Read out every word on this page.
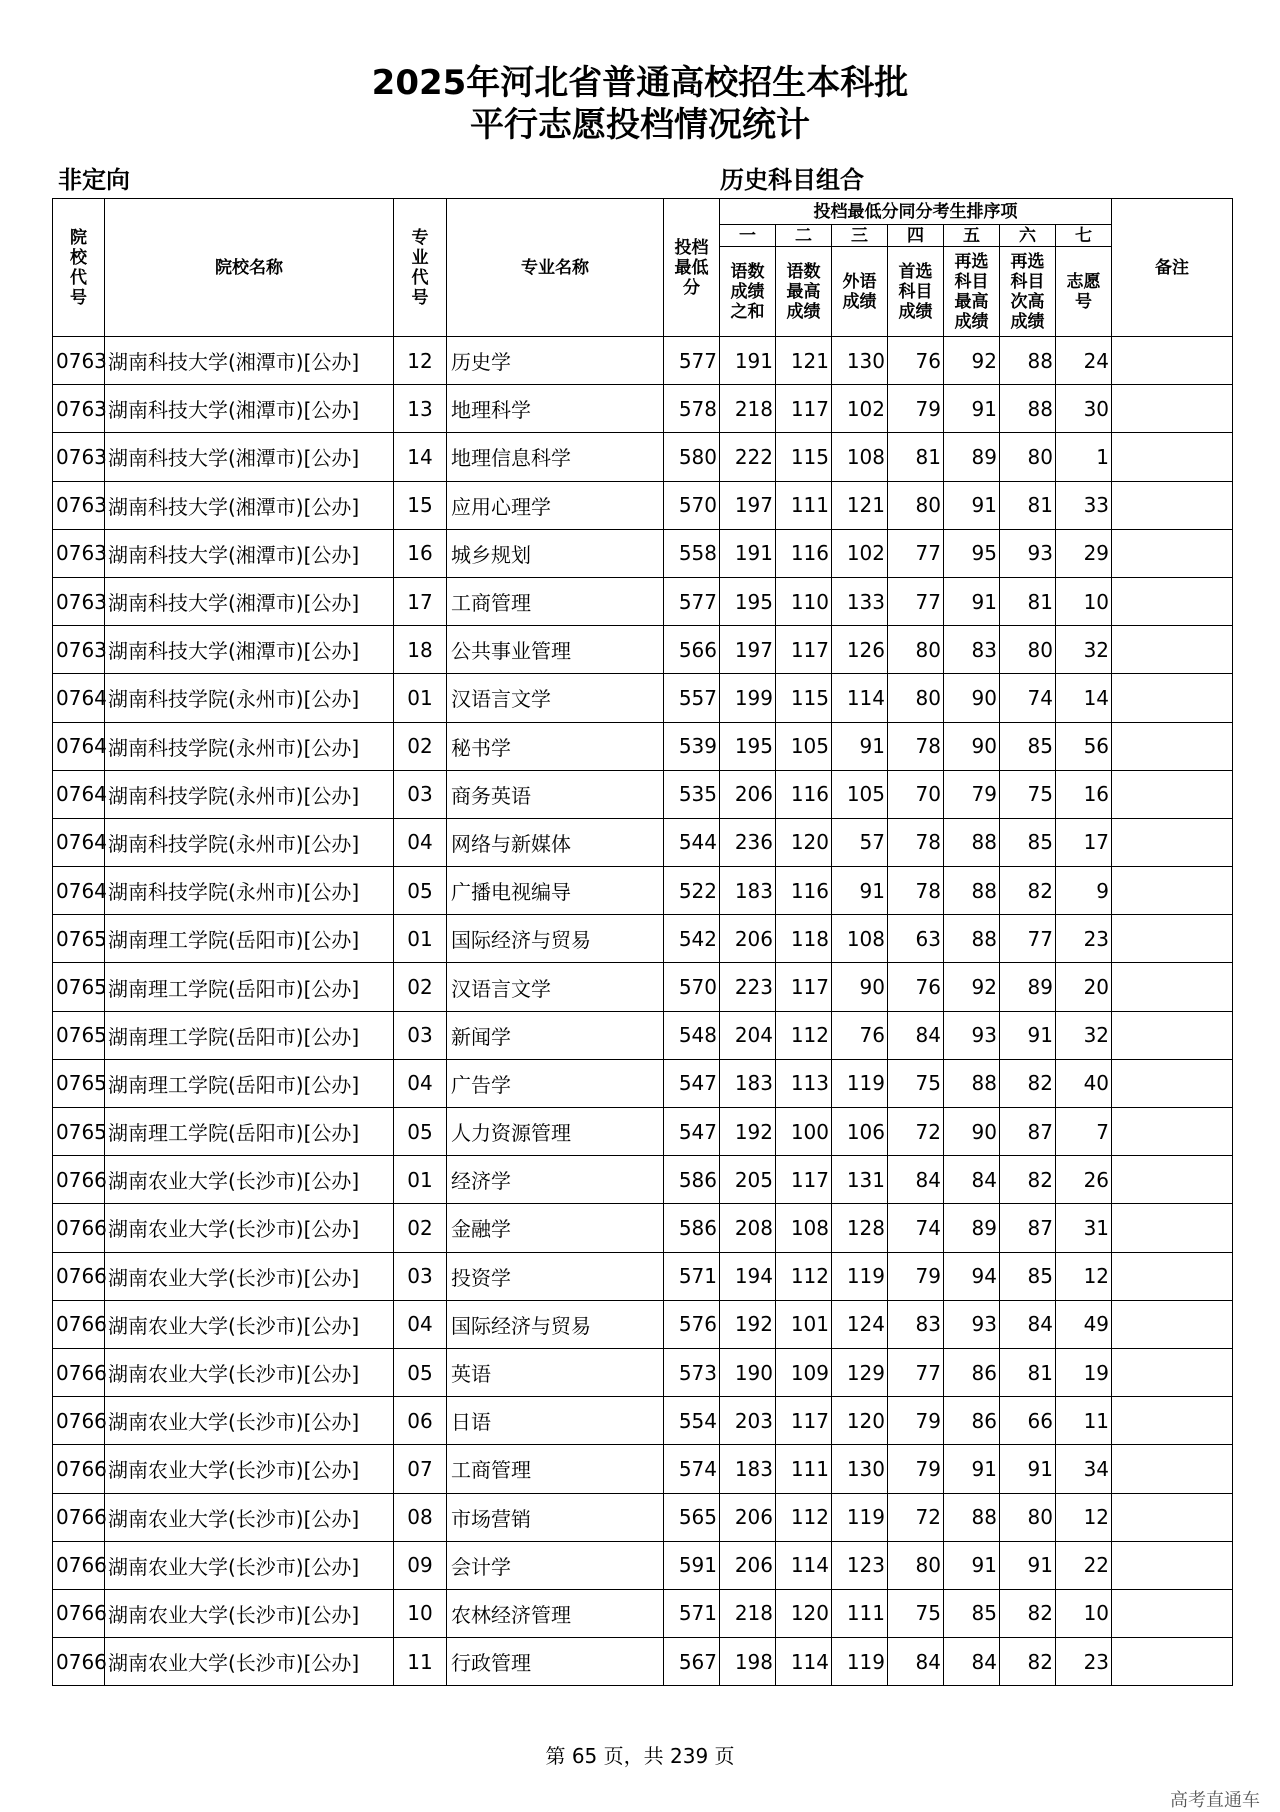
2025年河北省普通高校招生本科批
平行志愿投档情况统计
非定向	历史科目组合
院校代号	院校名称	专业代号	专业名称	投档最低分	投档最低分同分考生排序项							备注
					一	二	三	四	五	六	七	
					语数成绩之和	语数最高成绩	外语成绩	首选科目成绩	再选科目最高成绩	再选科目次高成绩	志愿号	
0763	湖南科技大学(湘潭市)[公办]	12	历史学	577	191	121	130	76	92	88	24	
0763	湖南科技大学(湘潭市)[公办]	13	地理科学	578	218	117	102	79	91	88	30	
0763	湖南科技大学(湘潭市)[公办]	14	地理信息科学	580	222	115	108	81	89	80	1	
0763	湖南科技大学(湘潭市)[公办]	15	应用心理学	570	197	111	121	80	91	81	33	
0763	湖南科技大学(湘潭市)[公办]	16	城乡规划	558	191	116	102	77	95	93	29	
0763	湖南科技大学(湘潭市)[公办]	17	工商管理	577	195	110	133	77	91	81	10	
0763	湖南科技大学(湘潭市)[公办]	18	公共事业管理	566	197	117	126	80	83	80	32	
0764	湖南科技学院(永州市)[公办]	01	汉语言文学	557	199	115	114	80	90	74	14	
0764	湖南科技学院(永州市)[公办]	02	秘书学	539	195	105	91	78	90	85	56	
0764	湖南科技学院(永州市)[公办]	03	商务英语	535	206	116	105	70	79	75	16	
0764	湖南科技学院(永州市)[公办]	04	网络与新媒体	544	236	120	57	78	88	85	17	
0764	湖南科技学院(永州市)[公办]	05	广播电视编导	522	183	116	91	78	88	82	9	
0765	湖南理工学院(岳阳市)[公办]	01	国际经济与贸易	542	206	118	108	63	88	77	23	
0765	湖南理工学院(岳阳市)[公办]	02	汉语言文学	570	223	117	90	76	92	89	20	
0765	湖南理工学院(岳阳市)[公办]	03	新闻学	548	204	112	76	84	93	91	32	
0765	湖南理工学院(岳阳市)[公办]	04	广告学	547	183	113	119	75	88	82	40	
0765	湖南理工学院(岳阳市)[公办]	05	人力资源管理	547	192	100	106	72	90	87	7	
0766	湖南农业大学(长沙市)[公办]	01	经济学	586	205	117	131	84	84	82	26	
0766	湖南农业大学(长沙市)[公办]	02	金融学	586	208	108	128	74	89	87	31	
0766	湖南农业大学(长沙市)[公办]	03	投资学	571	194	112	119	79	94	85	12	
0766	湖南农业大学(长沙市)[公办]	04	国际经济与贸易	576	192	101	124	83	93	84	49	
0766	湖南农业大学(长沙市)[公办]	05	英语	573	190	109	129	77	86	81	19	
0766	湖南农业大学(长沙市)[公办]	06	日语	554	203	117	120	79	86	66	11	
0766	湖南农业大学(长沙市)[公办]	07	工商管理	574	183	111	130	79	91	91	34	
0766	湖南农业大学(长沙市)[公办]	08	市场营销	565	206	112	119	72	88	80	12	
0766	湖南农业大学(长沙市)[公办]	09	会计学	591	206	114	123	80	91	91	22	
0766	湖南农业大学(长沙市)[公办]	10	农林经济管理	571	218	120	111	75	85	82	10	
0766	湖南农业大学(长沙市)[公办]	11	行政管理	567	198	114	119	84	84	82	23	
第 65 页，共 239 页
高考直通车
